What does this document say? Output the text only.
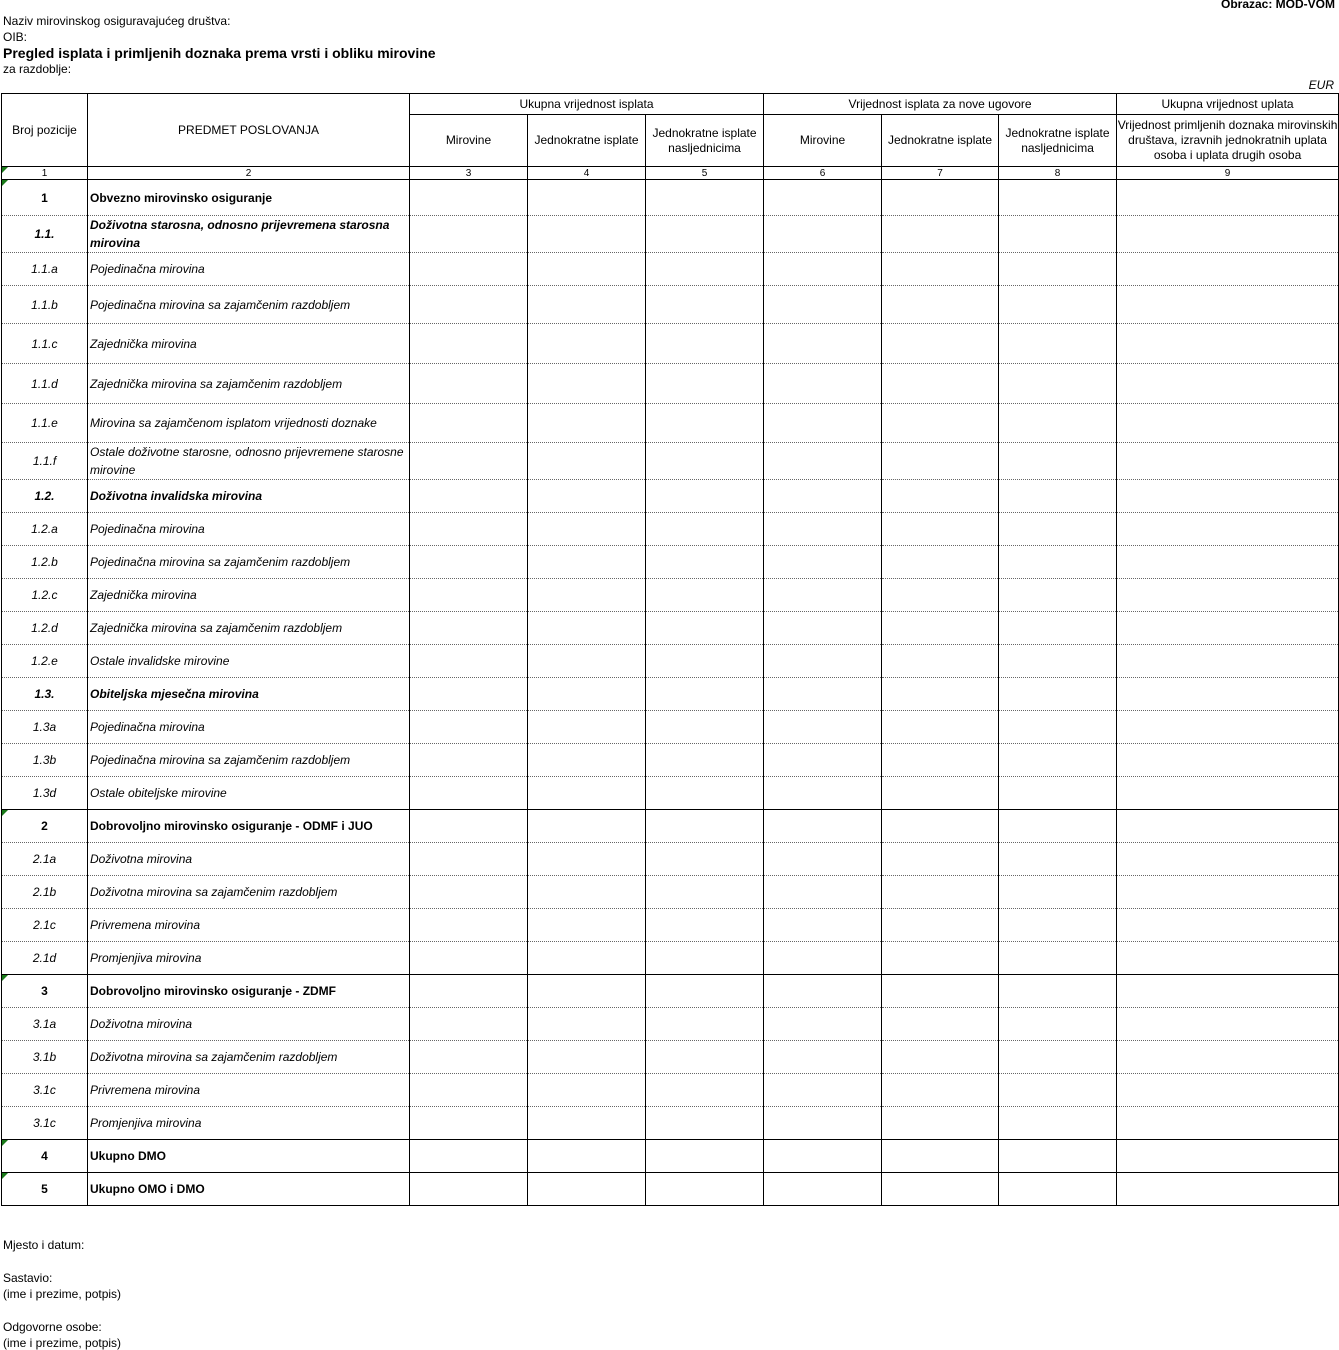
Obrazac: MOD-VOM
Naziv mirovinskog osiguravajućeg društva:
OIB:
Pregled isplata i primljenih doznaka prema vrsti i obliku mirovine
za razdoblje:
EUR
Broj pozicije	PREDMET POSLOVANJA	Ukupna vrijednost isplata			Vrijednost isplata za nove ugovore			Ukupna vrijednost uplata
		Mirovine	Jednokratne isplate	Jednokratne isplate nasljednicima	Mirovine	Jednokratne isplate	Jednokratne isplate nasljednicima	Vrijednost primljenih doznaka mirovinskih društava, izravnih jednokratnih uplata osoba i uplata drugih osoba
1	2	3	4	5	6	7	8	9
1	Obvezno mirovinsko osiguranje							
1.1.	Doživotna starosna, odnosno prijevremena starosna mirovina							
1.1.a	Pojedinačna mirovina							
1.1.b	Pojedinačna mirovina sa zajamčenim razdobljem							
1.1.c	Zajednička mirovina							
1.1.d	Zajednička mirovina sa zajamčenim razdobljem							
1.1.e	Mirovina sa zajamčenom isplatom vrijednosti doznake							
1.1.f	Ostale doživotne starosne, odnosno prijevremene starosne mirovine							
1.2.	Doživotna invalidska mirovina							
1.2.a	Pojedinačna mirovina							
1.2.b	Pojedinačna mirovina sa zajamčenim razdobljem							
1.2.c	Zajednička mirovina							
1.2.d	Zajednička mirovina sa zajamčenim razdobljem							
1.2.e	Ostale invalidske mirovine							
1.3.	Obiteljska mjesečna mirovina							
1.3a	Pojedinačna mirovina							
1.3b	Pojedinačna mirovina sa zajamčenim razdobljem							
1.3d	Ostale obiteljske mirovine							
2	Dobrovoljno mirovinsko osiguranje - ODMF i JUO							
2.1a	Doživotna mirovina							
2.1b	Doživotna mirovina sa zajamčenim razdobljem							
2.1c	Privremena mirovina							
2.1d	Promjenjiva mirovina							
3	Dobrovoljno mirovinsko osiguranje - ZDMF							
3.1a	Doživotna mirovina							
3.1b	Doživotna mirovina sa zajamčenim razdobljem							
3.1c	Privremena mirovina							
3.1c	Promjenjiva mirovina							
4	Ukupno DMO							
5	Ukupno OMO i DMO							
Mjesto i datum:
Sastavio:
(ime i prezime, potpis)
Odgovorne osobe:
(ime i prezime, potpis)
